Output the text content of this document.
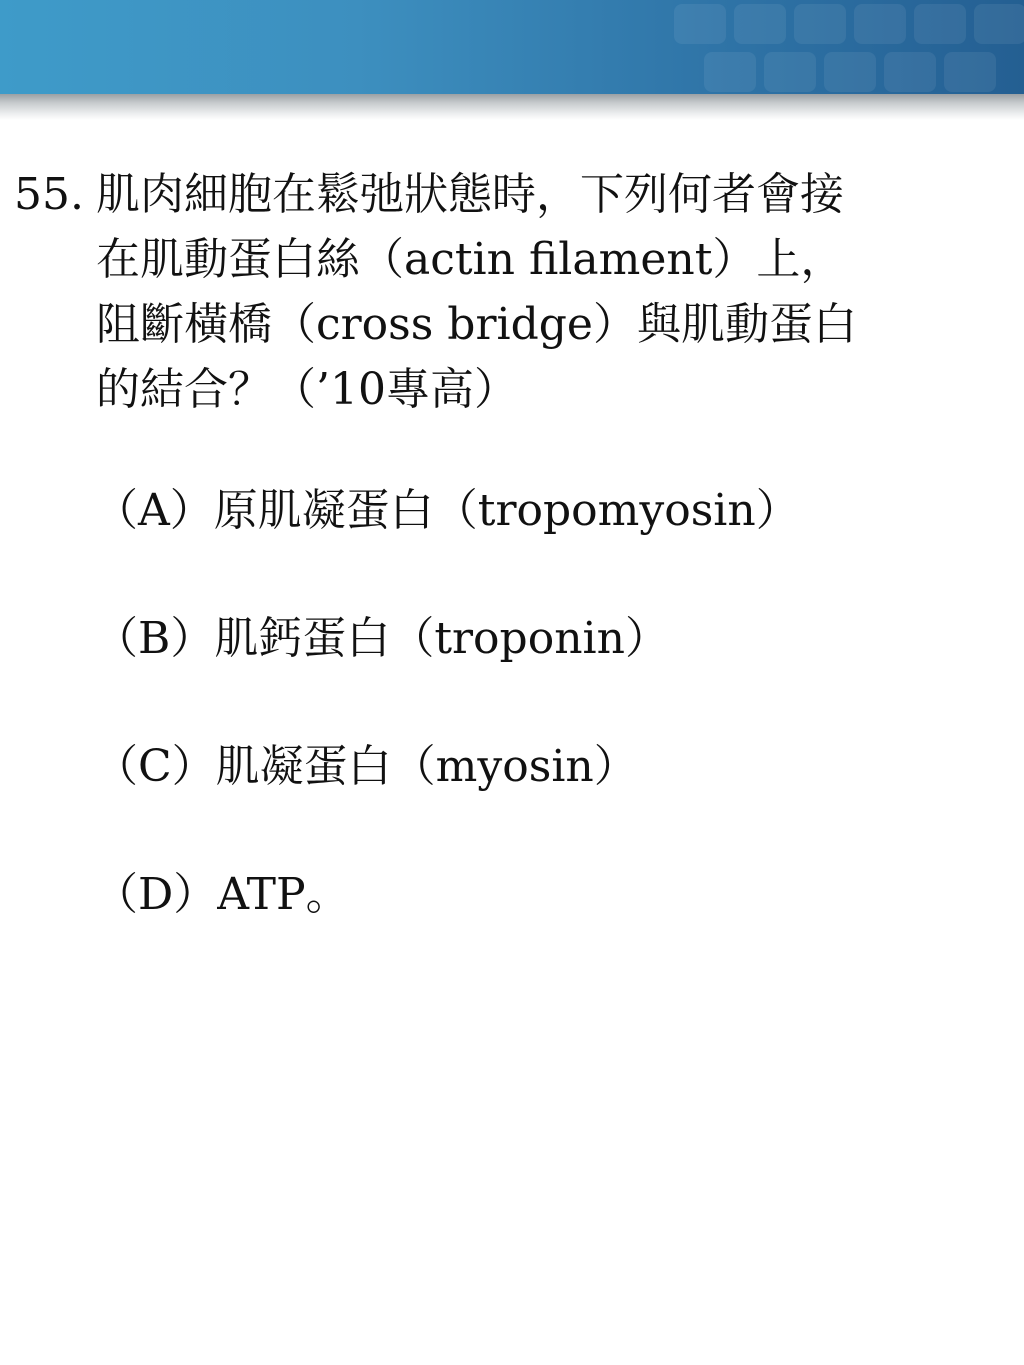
55. 肌肉細胞在鬆弛狀態時，下列何者會接
在肌動蛋白絲（actin filament）上，
阻斷橫橋（cross bridge）與肌動蛋白
的結合？（’10專高）
（A）原肌凝蛋白（tropomyosin）
（B）肌鈣蛋白（troponin）
（C）肌凝蛋白（myosin）
（D）ATP。
